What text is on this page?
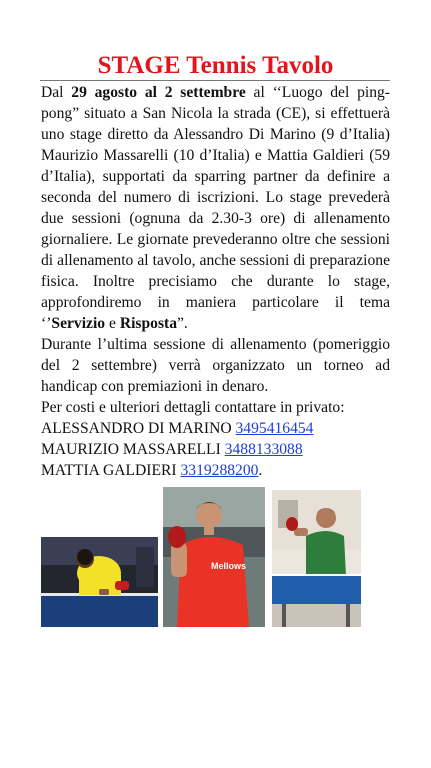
STAGE Tennis Tavolo

Dal 29 agosto al 2 settembre al ‘‘Luogo del ping-pong” situato a San Nicola la strada (CE), si effettuerà uno stage diretto da Alessandro Di Marino (9 d’Italia) Maurizio Massarelli (10 d’Italia) e Mattia Galdieri (59 d’Italia), supportati da sparring partner da definire a seconda del numero di iscrizioni. Lo stage prevederà due sessioni (ognuna da 2.30-3 ore) di allenamento giornaliere. Le giornate prevederanno oltre che sessioni di allenamento al tavolo, anche sessioni di preparazione fisica. Inoltre precisiamo che durante lo stage, approfondiremo in maniera particolare il tema ‘’Servizio e Risposta”.

Durante l’ultima sessione di allenamento (pomeriggio del 2 settembre) verrà organizzato un torneo ad handicap con premiazioni in denaro.

Per costi e ulteriori dettagli contattare in privato:

ALESSANDRO DI MARINO 3495416454

MAURIZIO MASSARELLI 3488133088

MATTIA GALDIERI 3319288200.

Mellows
